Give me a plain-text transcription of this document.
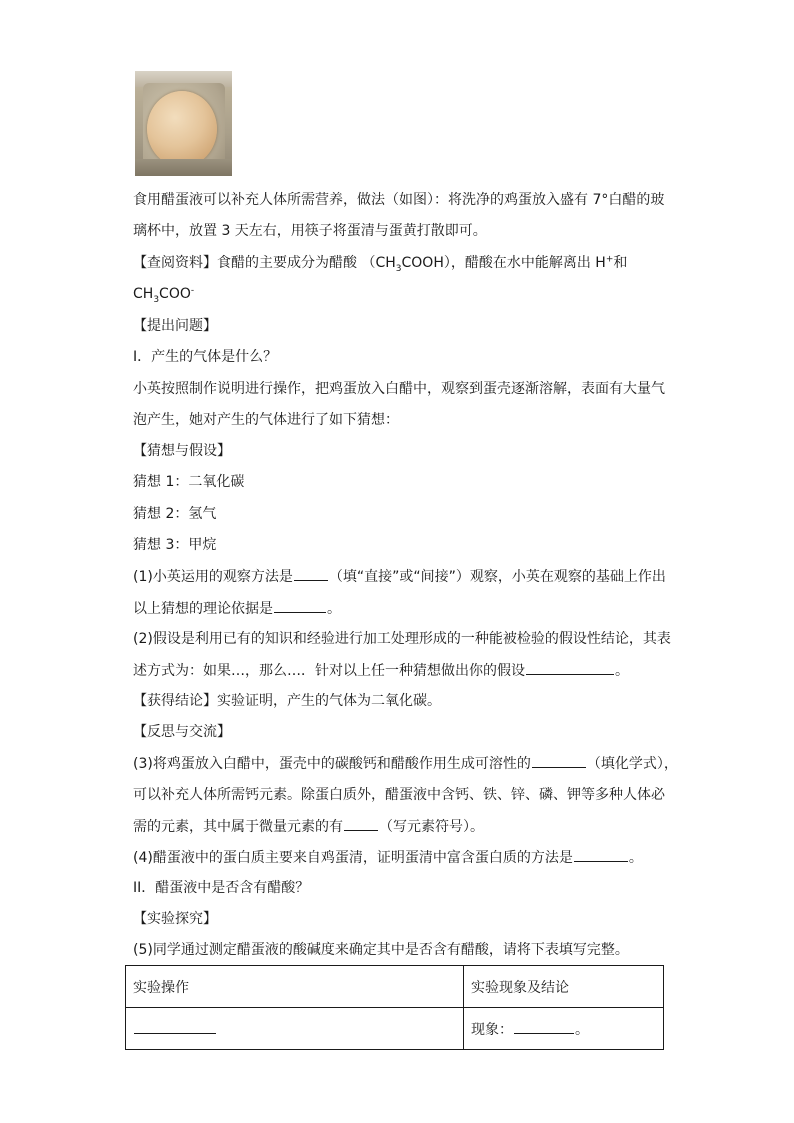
食用醋蛋液可以补充人体所需营养，做法（如图）：将洗净的鸡蛋放入盛有 7°白醋的玻
璃杯中，放置 3 天左右，用筷子将蛋清与蛋黄打散即可。
【查阅资料】食醋的主要成分为醋酸 $(CH_3COOH)$，醋酸在水中能解离出 H+和
$CH_3COO^-$
【提出问题】
I．产生的气体是什么？
小英按照制作说明进行操作，把鸡蛋放入白醋中，观察到蛋壳逐渐溶解，表面有大量气
泡产生，她对产生的气体进行了如下猜想：
【猜想与假设】
猜想 1：二氧化碳
猜想 2：氢气
猜想 3：甲烷
(1)小英运用的观察方法是	（填“直接”或“间接”）观察，小英在观察的基础上作出
以上猜想的理论依据是	。
(2)假设是利用已有的知识和经验进行加工处理形成的一种能被检验的假设性结论，其表
述方式为：如果…，那么…．针对以上任一种猜想做出你的假设	。
【获得结论】实验证明，产生的气体为二氧化碳。
【反思与交流】
(3)将鸡蛋放入白醋中，蛋壳中的碳酸钙和醋酸作用生成可溶性的	（填化学式），
可以补充人体所需钙元素。除蛋白质外，醋蛋液中含钙、铁、锌、磷、钾等多种人体必
需的元素，其中属于微量元素的有	（写元素符号）。
(4)醋蛋液中的蛋白质主要来自鸡蛋清，证明蛋清中富含蛋白质的方法是	。
II．醋蛋液中是否含有醋酸？
【实验探究】
(5)同学通过测定醋蛋液的酸碱度来确定其中是否含有醋酸，请将下表填写完整。
实验操作	实验现象及结论
	现象： 。
